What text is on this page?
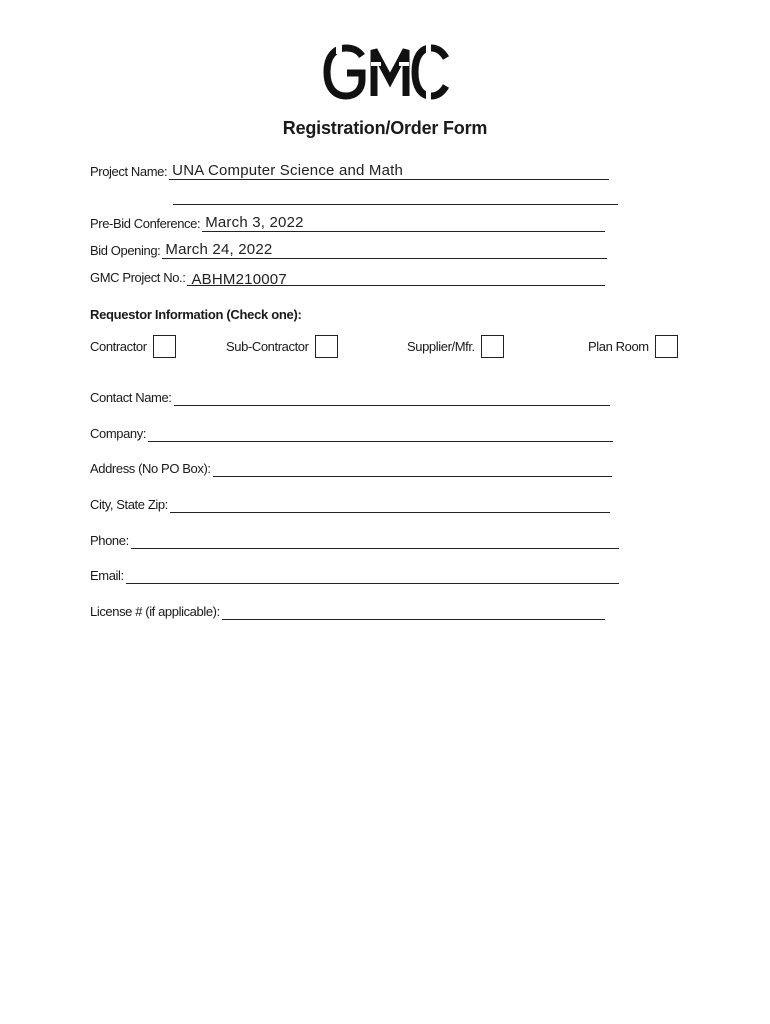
Registration/Order Form
Project Name: UNA Computer Science and Math
Pre-Bid Conference: March 3, 2022
Bid Opening: March 24, 2022
GMC Project No.: ABHM210007
Requestor Information (Check one):
Contractor	Sub-Contractor	Supplier/Mfr.	Plan Room
Contact Name:
Company:
Address (No PO Box):
City, State Zip:
Phone:
Email:
License # (if applicable):
